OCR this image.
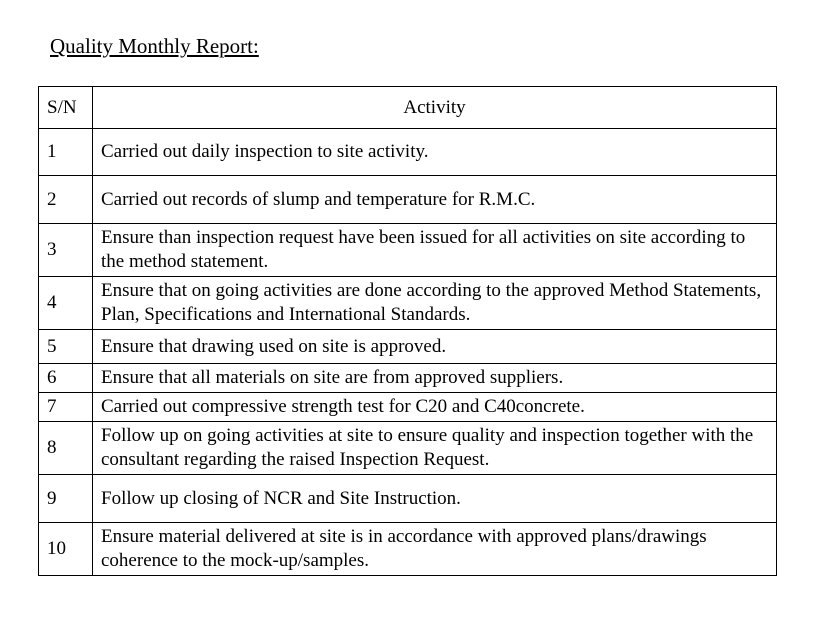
Quality Monthly Report:
S/N	Activity
1	Carried out daily inspection to site activity.
2	Carried out records of slump and temperature for R.M.C.
3	Ensure than inspection request have been issued for all activities on site according to the method statement.
4	Ensure that on going activities are done according to the approved Method Statements, Plan, Specifications and International Standards.
5	Ensure that drawing used on site is approved.
6	Ensure that all materials on site are from approved suppliers.
7	Carried out compressive strength test for C20 and C40concrete.
8	Follow up on going activities at site to ensure quality and inspection together with the consultant regarding the raised Inspection Request.
9	Follow up closing of NCR and Site Instruction.
10	Ensure material delivered at site is in accordance with approved plans/drawings coherence to the mock-up/samples.
